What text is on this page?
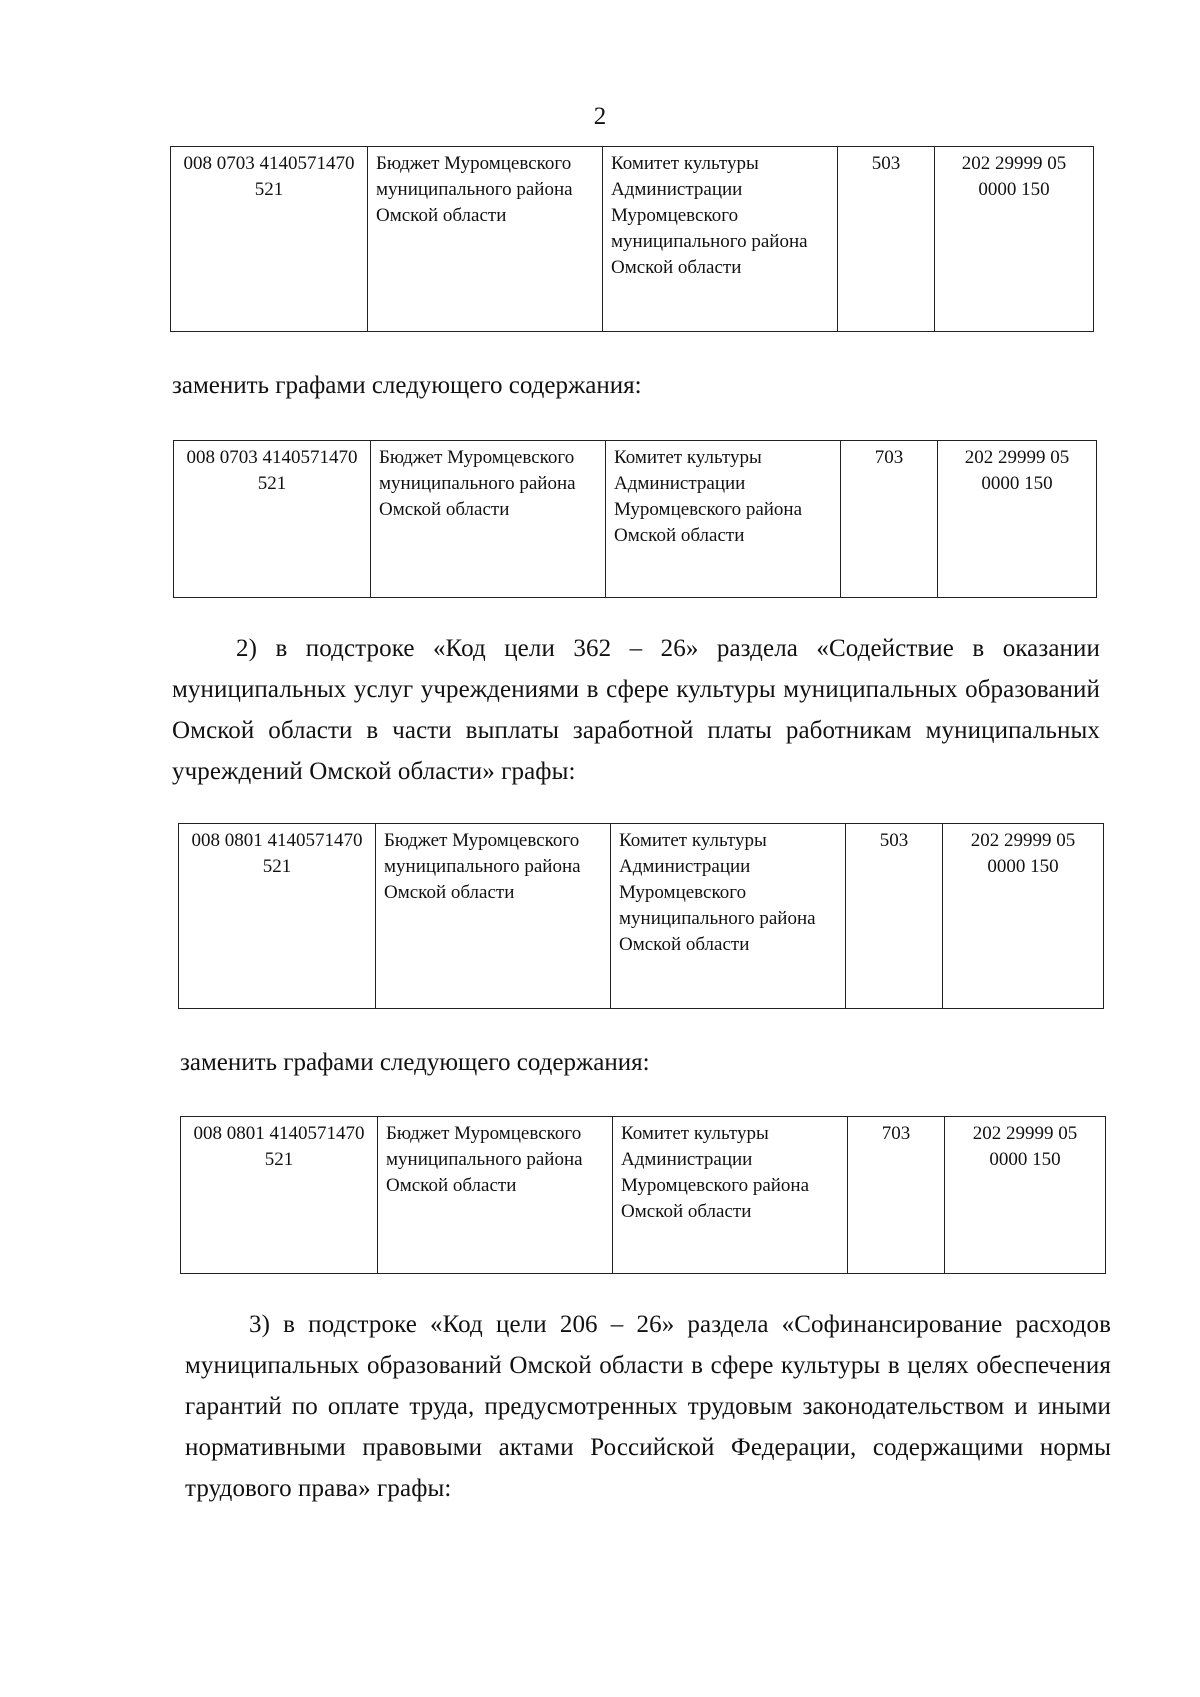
2
008 0703 4140571470 521	Бюджет Муромцевского муниципального района Омской области	Комитет культуры Администрации Муромцевского муниципального района Омской области	503	202 29999 05 0000 150
заменить графами следующего содержания:
008 0703 4140571470 521	Бюджет Муромцевского муниципального района Омской области	Комитет культуры Администрации Муромцевского района Омской области	703	202 29999 05 0000 150
2) в подстроке «Код цели 362 – 26» раздела «Содействие в оказании муниципальных услуг учреждениями в сфере культуры муниципальных образований Омской области в части выплаты заработной платы работникам муниципальных учреждений Омской области» графы:
008 0801 4140571470 521	Бюджет Муромцевского муниципального района Омской области	Комитет культуры Администрации Муромцевского муниципального района Омской области	503	202 29999 05 0000 150
заменить графами следующего содержания:
008 0801 4140571470 521	Бюджет Муромцевского муниципального района Омской области	Комитет культуры Администрации Муромцевского района Омской области	703	202 29999 05 0000 150
3) в подстроке «Код цели 206 – 26» раздела «Софинансирование расходов муниципальных образований Омской области в сфере культуры в целях обеспечения гарантий по оплате труда, предусмотренных трудовым законодательством и иными нормативными правовыми актами Российской Федерации, содержащими нормы трудового права» графы:
